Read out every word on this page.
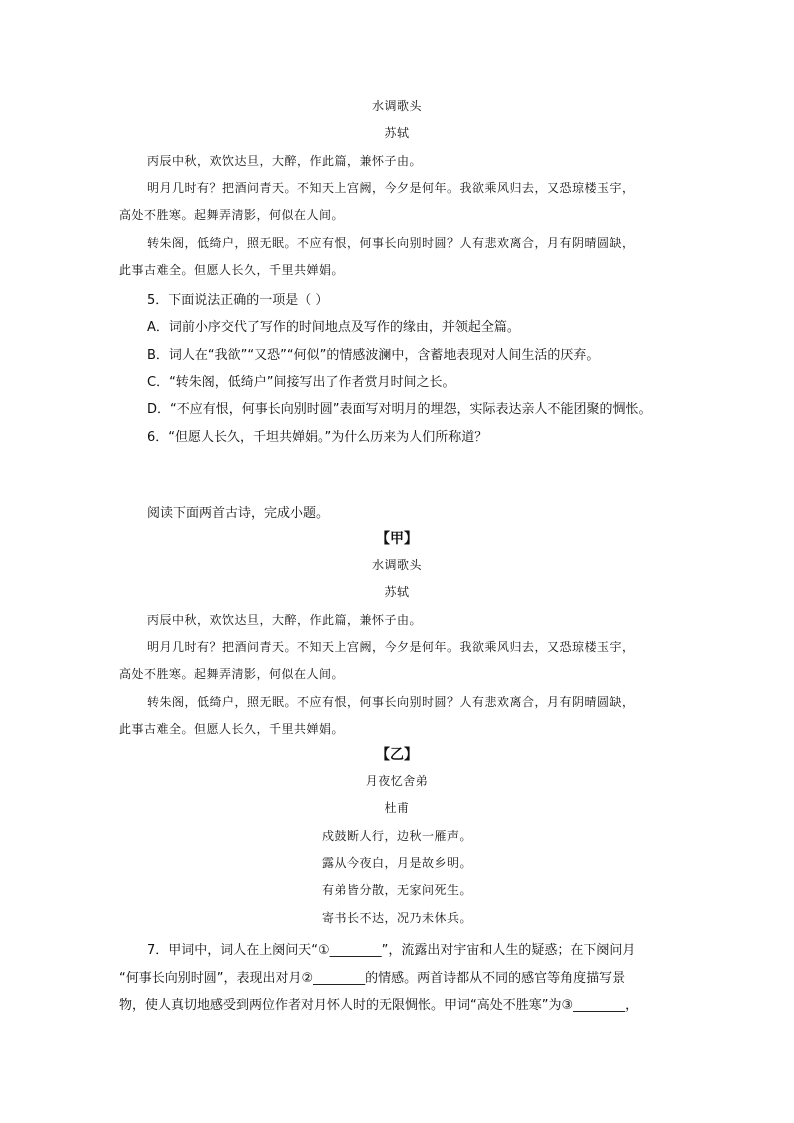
水调歌头
苏轼
丙辰中秋，欢饮达旦，大醉，作此篇，兼怀子由。
明月几时有？把酒问青天。不知天上宫阙，今夕是何年。我欲乘风归去，又恐琼楼玉宇，
高处不胜寒。起舞弄清影，何似在人间。
转朱阁，低绮户，照无眠。不应有恨，何事长向别时圆？人有悲欢离合，月有阴晴圆缺，
此事古难全。但愿人长久，千里共婵娟。
5．下面说法正确的一项是（ ）
A．词前小序交代了写作的时间地点及写作的缘由，并领起全篇。
B．词人在“我欲”“又恐”“何似”的情感波澜中，含蓄地表现对人间生活的厌弃。
C．“转朱阁，低绮户”间接写出了作者赏月时间之长。
D．“不应有恨，何事长向别时圆”表面写对明月的埋怨，实际表达亲人不能团聚的惆怅。
6．“但愿人长久，千坦共婵娟。”为什么历来为人们所称道？
阅读下面两首古诗，完成小题。
【甲】
水调歌头
苏轼
丙辰中秋，欢饮达旦，大醉，作此篇，兼怀子由。
明月几时有？把酒问青天。不知天上宫阙，今夕是何年。我欲乘风归去，又恐琼楼玉宇，
高处不胜寒。起舞弄清影，何似在人间。
转朱阁，低绮户，照无眠。不应有恨，何事长向别时圆？人有悲欢离合，月有阴晴圆缺，
此事古难全。但愿人长久，千里共婵娟。
【乙】
月夜忆舍弟
杜甫
戍鼓断人行，边秋一雁声。
露从今夜白，月是故乡明。
有弟皆分散，无家问死生。
寄书长不达，况乃未休兵。
7．甲词中，词人在上阕问天“①________”，流露出对宇宙和人生的疑惑；在下阕问月
“何事长向别时圆”，表现出对月②________的情感。两首诗都从不同的感官等角度描写景
物，使人真切地感受到两位作者对月怀人时的无限惆怅。甲词“高处不胜寒”为③________，
